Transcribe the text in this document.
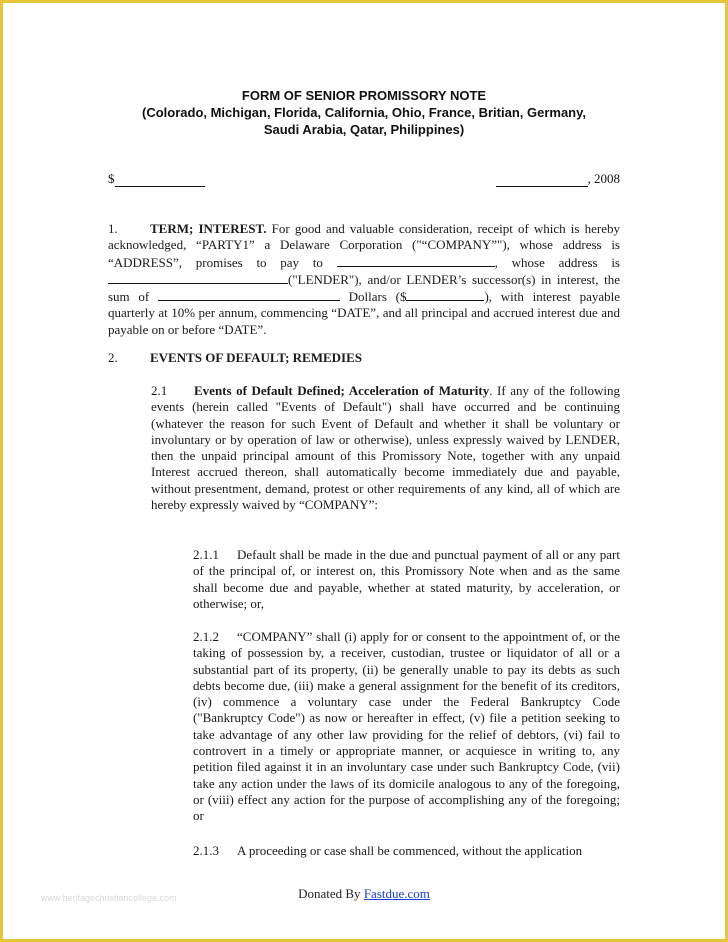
FORM OF SENIOR PROMISSORY NOTE
(Colorado, Michigan, Florida, California, Ohio, France, Britian, Germany,
Saudi Arabia, Qatar, Philippines)
$	, 2008
1. TERM; INTEREST. For good and valuable consideration, receipt of which is hereby acknowledged, “PARTY1” a Delaware Corporation ("“COMPANY”"), whose address is “ADDRESS”, promises to pay to	, whose address is ("LENDER"), and/or LENDER’s successor(s) in interest, the sum of	Dollars ($	), with interest payable quarterly at 10% per annum, commencing “DATE”, and all principal and accrued interest due and payable on or before “DATE”.
2. EVENTS OF DEFAULT; REMEDIES
2.1 Events of Default Defined; Acceleration of Maturity. If any of the following events (herein called "Events of Default") shall have occurred and be continuing (whatever the reason for such Event of Default and whether it shall be voluntary or involuntary or by operation of law or otherwise), unless expressly waived by LENDER, then the unpaid principal amount of this Promissory Note, together with any unpaid Interest accrued thereon, shall automatically become immediately due and payable, without presentment, demand, protest or other requirements of any kind, all of which are hereby expressly waived by “COMPANY”:
2.1.1 Default shall be made in the due and punctual payment of all or any part of the principal of, or interest on, this Promissory Note when and as the same shall become due and payable, whether at stated maturity, by acceleration, or otherwise; or,
2.1.2 “COMPANY” shall (i) apply for or consent to the appointment of, or the taking of possession by, a receiver, custodian, trustee or liquidator of all or a substantial part of its property, (ii) be generally unable to pay its debts as such debts become due, (iii) make a general assignment for the benefit of its creditors, (iv) commence a voluntary case under the Federal Bankruptcy Code ("Bankruptcy Code") as now or hereafter in effect, (v) file a petition seeking to take advantage of any other law providing for the relief of debtors, (vi) fail to controvert in a timely or appropriate manner, or acquiesce in writing to, any petition filed against it in an involuntary case under such Bankruptcy Code, (vii) take any action under the laws of its domicile analogous to any of the foregoing, or (viii) effect any action for the purpose of accomplishing any of the foregoing; or
2.1.3 A proceeding or case shall be commenced, without the application
Donated By Fastdue.com
www.heritagechristiancollege.com
